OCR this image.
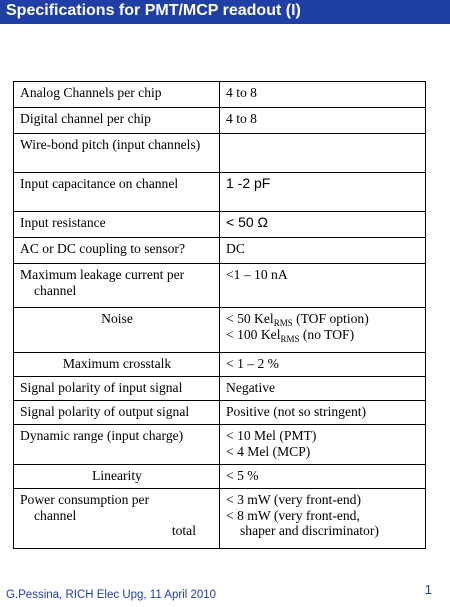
Specifications for PMT/MCP readout (I)
Analog Channels per chip	4 to 8
Digital channel per chip	4 to 8

Wire-bond pitch (input channels)	

Input capacitance on channel	1 -2 pF
Input resistance	< 50 Ω
AC or DC coupling to sensor?	DC

Maximum leakage current per channel	<1 – 10 nA
Noise	< 50 Kel$_{RMS}$ (TOF option)
< 100 Kel$_{RMS}$ (no TOF)

Maximum crosstalk	< 1 – 2 %
Signal polarity of input signal	Negative
Signal polarity of output signal	Positive (not so stringent)
Dynamic range (input charge)	< 10 Mel (PMT)
< 4 Mel (MCP)

Linearity	< 5 %

Power consumption per
channel
total	< 3 mW (very front-end)
< 8 mW (very front-end,
shaper and discriminator)
G.Pessina, RICH Elec Upg, 11 April 2010	1
